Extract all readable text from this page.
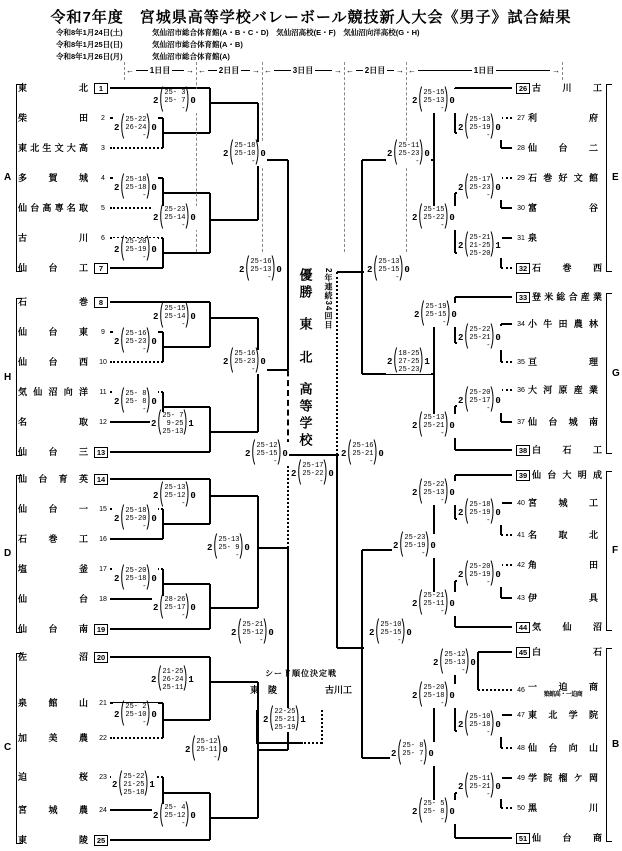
令和7年度　宮城県高等学校バレーボール競技新人大会《男子》試合結果
令和8年1月24日(土)	気仙沼市総合体育館(A・B・C・D)　気仙沼高校(E・F)　気仙沼向洋高校(G・H)
令和8年1月25日(日)	気仙沼市総合体育館(A・B)
令和8年1月26日(月)	気仙沼市総合体育館(A)
優勝
東
北
高等学校
2年連続34回目
シード順位決定戦
東　陵	古川工
2
( 25-22
26-24
-
)
0
2
( 25- 3
25- 7
-
)
0
2
( 25-18
25-18
-
)
0
2
( 25-20
25-19
-
)
0
2
( 25-23
25-14
-
)
0
2
( 25-18
25-10
-
)
0
2
( 25-16
25-23
-
)
0
2
( 25-15
25-14
-
)
0
2
( 25- 8
25- 8
-
)
0
2
( 25- 7
9-25
25-13
)
1
2
( 25-16
25-23
-
)
0
2
( 25-16
25-13
-
)
0
2
( 25-18
25-20
-
)
0
2
( 25-13
25-12
-
)
0
2
( 25-20
25-18
-
)
0
2
( 28-26
25-17
-
)
0
2
( 25-13
25- 9
-
)
0
2
( 25- 2
25-10
-
)
0
2
( 21-25
26-24
25-11
)
1
2
( 25-22
21-25
25-18
)
1
2
( 25- 4
25-12
-
)
0
2
( 25-12
25-11
-
)
0
2
( 25-21
25-12
-
)
0
2
( 25-13
25-19
-
)
0
2
( 25-15
25-13
-
)
0
2
( 25-17
25-23
-
)
0
2
( 25-21
21-25
25-20
)
1
2
( 25-15
25-22
-
)
0
2
( 25-11
25-23
-
)
0
2
( 25-22
25-21
-
)
0
2
( 25-19
25-15
-
)
0
2
( 25-20
25-17
-
)
0
2
( 25-13
25-21
-
)
0
2
( 18-25
27-25
25-23
)
1
2
( 25-13
25-15
-
)
0
2
( 25-18
25-19
-
)
0
2
( 25-22
25-13
-
)
0
2
( 25-20
25-19
-
)
0
2
( 25-21
25-11
-
)
0
2
( 25-23
25-19
-
)
0
2
( 25-12
25-13
-
)
0
2
( 25-10
25-18
-
)
0
2
( 25-20
25-18
-
)
0
2
( 25-11
25-21
-
)
0
2
( 25- 5
25- 8
-
)
0
2
( 25- 8
25- 7
-
)
0
2
( 25-10
25-15
-
)
0
2
( 25-12
25-15
-
)
0	2
( 25-16
25-21
-
)
0
2
( 25-17
25-22
-
)
0
2
( 22-25
25-21
25-19
)
1
東北	1
柴田	2
東北生文大高	3
多賀城	4
仙台高専名取	5
古川	6
仙台工	7
石巻	8
仙台東	9
仙台西 10
気仙沼向洋 11
名取 12
仙台三	13
仙台育英	14
仙台一 15
石巻工 16
塩釜 17
仙台 18
仙台南	19
佐沼	20
泉館山 21
加美農 22
迫桜 23
宮城農 24
東陵	25
26 古川工
27 利府
28 仙台二
29 石巻好文館
30 富谷
31 泉
32 石巻西
33 登米総合産業
34 小牛田農林
35 亘理
36 大河原産業
37 仙台城南
38 白石工
39 仙台大明成
40 宮城工
41 名取北
42 角田
43 伊具
44 気仙沼
45 白石
46 一迫商
築館高・一迫商
47 東北学院
48 仙台向山
49 学院榴ケ岡
50 黒川
51 仙台商
A
H
D
C
E
G
F
B
← 1日目 → ← 2日目 → ←	3日目	→ ← 2日目 → ←	1日目	→
